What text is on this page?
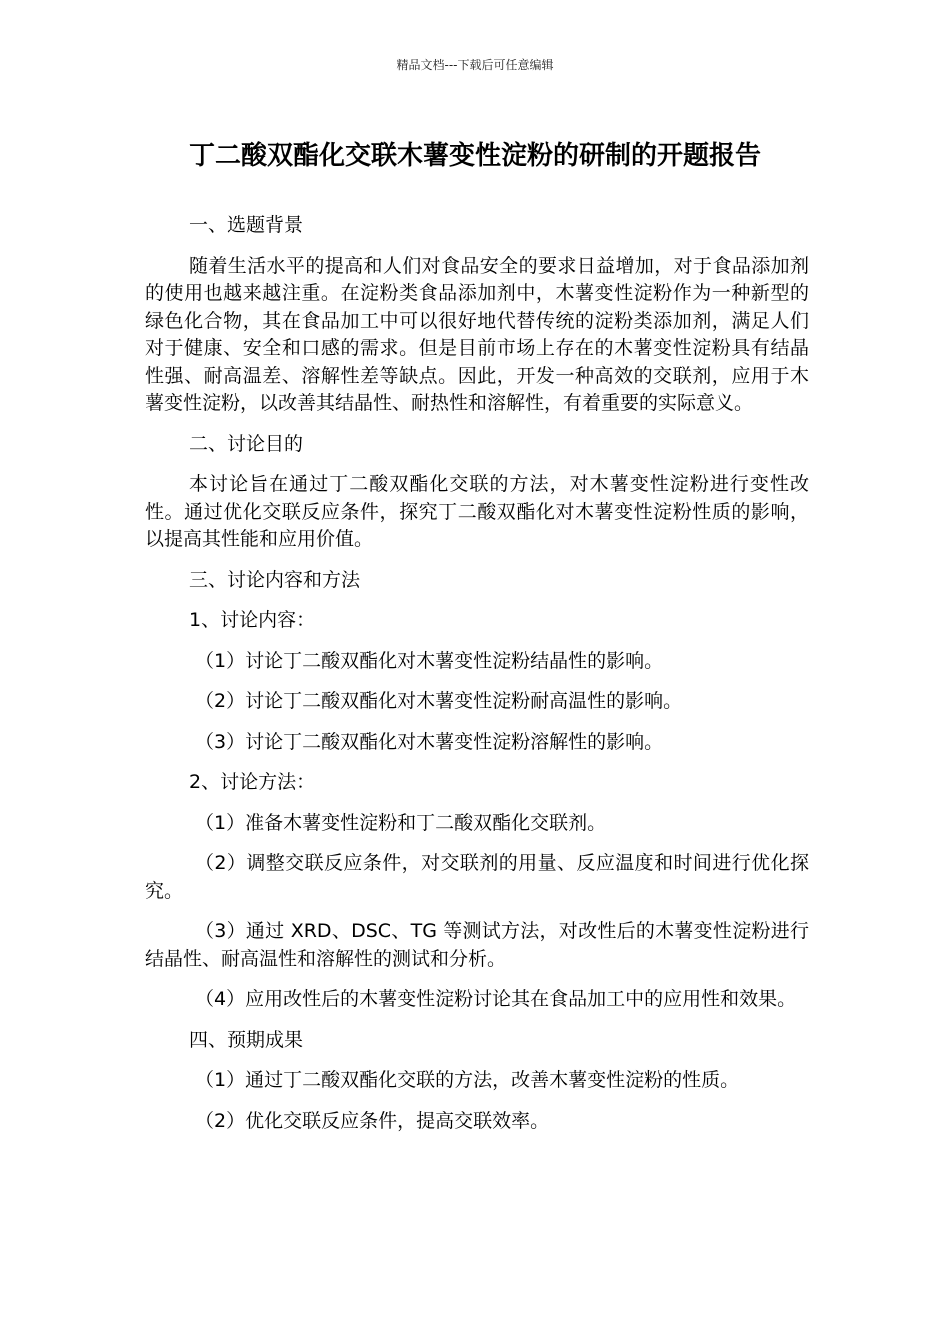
精品文档---下载后可任意编辑
丁二酸双酯化交联木薯变性淀粉的研制的开题报告

一、选题背景

随着生活水平的提高和人们对食品安全的要求日益增加，对于食品添加剂的使用也越来越注重。在淀粉类食品添加剂中，木薯变性淀粉作为一种新型的绿色化合物，其在食品加工中可以很好地代替传统的淀粉类添加剂，满足人们对于健康、安全和口感的需求。但是目前市场上存在的木薯变性淀粉具有结晶性强、耐高温差、溶解性差等缺点。因此，开发一种高效的交联剂，应用于木薯变性淀粉，以改善其结晶性、耐热性和溶解性，有着重要的实际意义。

二、讨论目的

本讨论旨在通过丁二酸双酯化交联的方法，对木薯变性淀粉进行变性改性。通过优化交联反应条件，探究丁二酸双酯化对木薯变性淀粉性质的影响，以提高其性能和应用价值。

三、讨论内容和方法

1、讨论内容：

（1）讨论丁二酸双酯化对木薯变性淀粉结晶性的影响。

（2）讨论丁二酸双酯化对木薯变性淀粉耐高温性的影响。

（3）讨论丁二酸双酯化对木薯变性淀粉溶解性的影响。

2、讨论方法：

（1）准备木薯变性淀粉和丁二酸双酯化交联剂。

（2）调整交联反应条件，对交联剂的用量、反应温度和时间进行优化探究。

（3）通过 XRD、DSC、TG 等测试方法，对改性后的木薯变性淀粉进行结晶性、耐高温性和溶解性的测试和分析。

（4）应用改性后的木薯变性淀粉讨论其在食品加工中的应用性和效果。

四、预期成果

（1）通过丁二酸双酯化交联的方法，改善木薯变性淀粉的性质。

（2）优化交联反应条件，提高交联效率。
